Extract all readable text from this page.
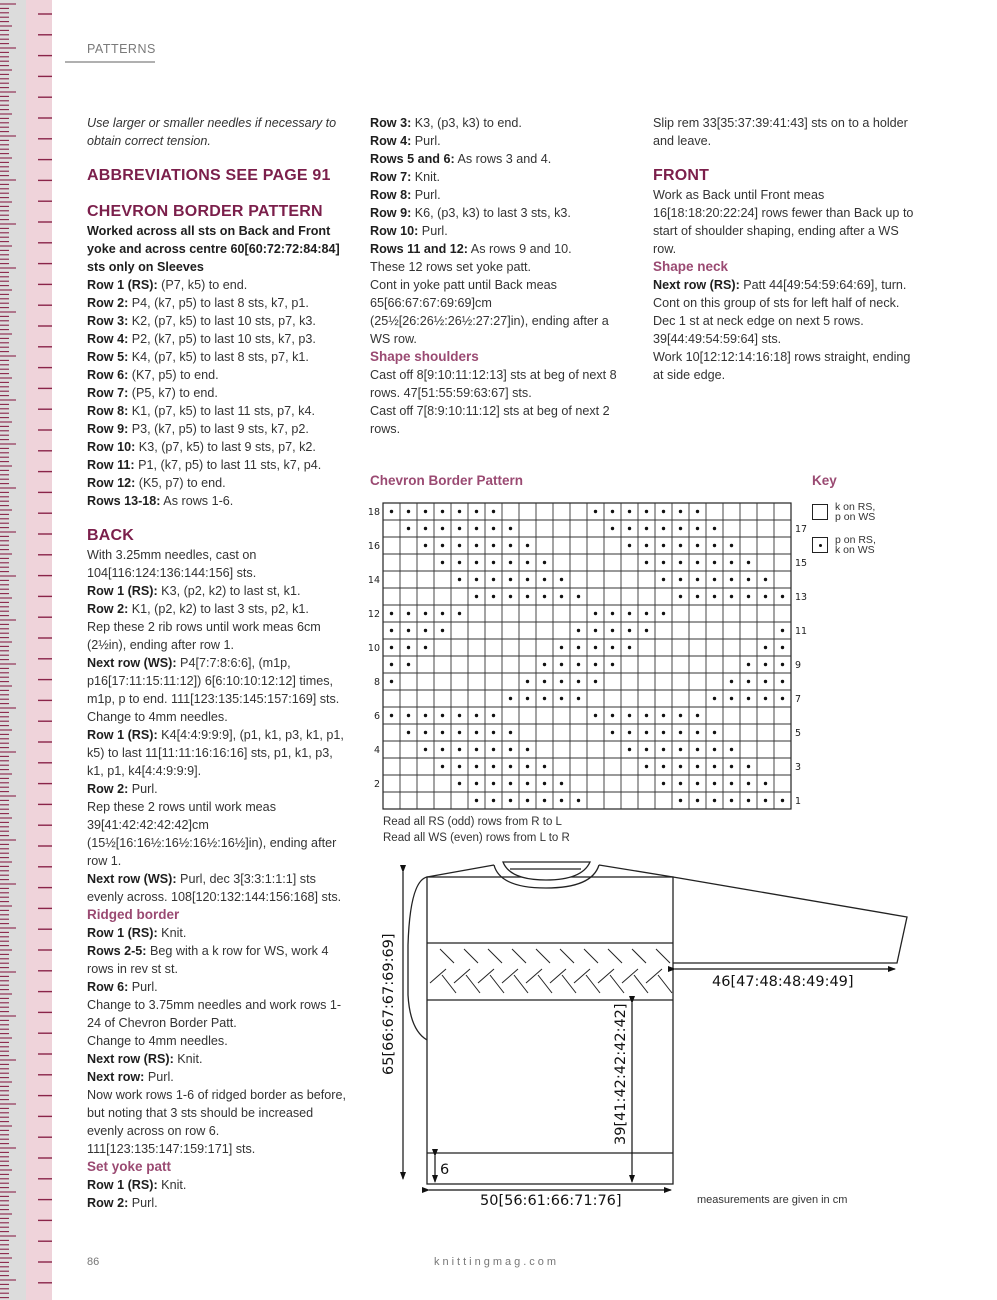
PATTERNS

Use larger or smaller needles if necessary to obtain correct tension.

ABBREVIATIONS SEE PAGE 91

CHEVRON BORDER PATTERN

Worked across all sts on Back and Front yoke and across centre 60[60:72:72:84:84] sts only on Sleeves

Row 1 (RS): (P7, k5) to end.

Row 2: P4, (k7, p5) to last 8 sts, k7, p1.

Row 3: K2, (p7, k5) to last 10 sts, p7, k3.

Row 4: P2, (k7, p5) to last 10 sts, k7, p3.

Row 5: K4, (p7, k5) to last 8 sts, p7, k1.

Row 6: (K7, p5) to end.

Row 7: (P5, k7) to end.

Row 8: K1, (p7, k5) to last 11 sts, p7, k4.

Row 9: P3, (k7, p5) to last 9 sts, k7, p2.

Row 10: K3, (p7, k5) to last 9 sts, p7, k2.

Row 11: P1, (k7, p5) to last 11 sts, k7, p4.

Row 12: (K5, p7) to end.

Rows 13-18: As rows 1-6.

BACK

With 3.25mm needles, cast on 104[116:124:136:144:156] sts.

Row 1 (RS): K3, (p2, k2) to last st, k1.

Row 2: K1, (p2, k2) to last 3 sts, p2, k1.

Rep these 2 rib rows until work meas 6cm (2½in), ending after row 1.

Next row (WS): P4[7:7:8:6:6], (m1p, p16[17:11:15:11:12]) 6[6:10:10:12:12] times, m1p, p to end. 111[123:135:145:157:169] sts.

Change to 4mm needles.

Row 1 (RS): K4[4:4:9:9:9], (p1, k1, p3, k1, p1, k5) to last 11[11:11:16:16:16] sts, p1, k1, p3, k1, p1, k4[4:4:9:9:9].

Row 2: Purl.

Rep these 2 rows until work meas 39[41:42:42:42:42]cm (15½[16:16½:16½:16½:16½]in), ending after row 1.

Next row (WS): Purl, dec 3[3:3:1:1:1] sts evenly across. 108[120:132:144:156:168] sts.

Ridged border

Row 1 (RS): Knit.

Rows 2-5: Beg with a k row for WS, work 4 rows in rev st st.

Row 6: Purl.

Change to 3.75mm needles and work rows 1-24 of Chevron Border Patt.

Change to 4mm needles.

Next row (RS): Knit.

Next row: Purl.

Now work rows 1-6 of ridged border as before, but noting that 3 sts should be increased evenly across on row 6. 111[123:135:147:159:171] sts.

Set yoke patt

Row 1 (RS): Knit.

Row 2: Purl.

Row 3: K3, (p3, k3) to end.

Row 4: Purl.

Rows 5 and 6: As rows 3 and 4.

Row 7: Knit.

Row 8: Purl.

Row 9: K6, (p3, k3) to last 3 sts, k3.

Row 10: Purl.

Rows 11 and 12: As rows 9 and 10.

These 12 rows set yoke patt.

Cont in yoke patt until Back meas 65[66:67:67:69:69]cm (25½[26:26½:26½:27:27]in), ending after a WS row.

Shape shoulders

Cast off 8[9:10:11:12:13] sts at beg of next 8 rows. 47[51:55:59:63:67] sts.

Cast off 7[8:9:10:11:12] sts at beg of next 2 rows.

Slip rem 33[35:37:39:41:43] sts on to a holder and leave.

FRONT

Work as Back until Front meas 16[18:18:20:22:24] rows fewer than Back up to start of shoulder shaping, ending after a WS row.

Shape neck

Next row (RS): Patt 44[49:54:59:64:69], turn.

Cont on this group of sts for left half of neck.

Dec 1 st at neck edge on next 5 rows. 39[44:49:54:59:64] sts.

Work 10[12:12:14:16:18] rows straight, ending at side edge.

Chevron Border Pattern
18
16
14
12
10
8
6
4
2
17
15
13
11
9
7
5
3
1
Read all RS (odd) rows from R to L
Read all WS (even) rows from L to R
Key
k on RS,
p on WS
p on RS,
k on WS
65[66:67:67:69:69]	46[47:48:48:49:49]
39[41:42:42:42:42]
6
50[56:61:66:71:76]	measurements are given in cm
86	knittingmag.com
